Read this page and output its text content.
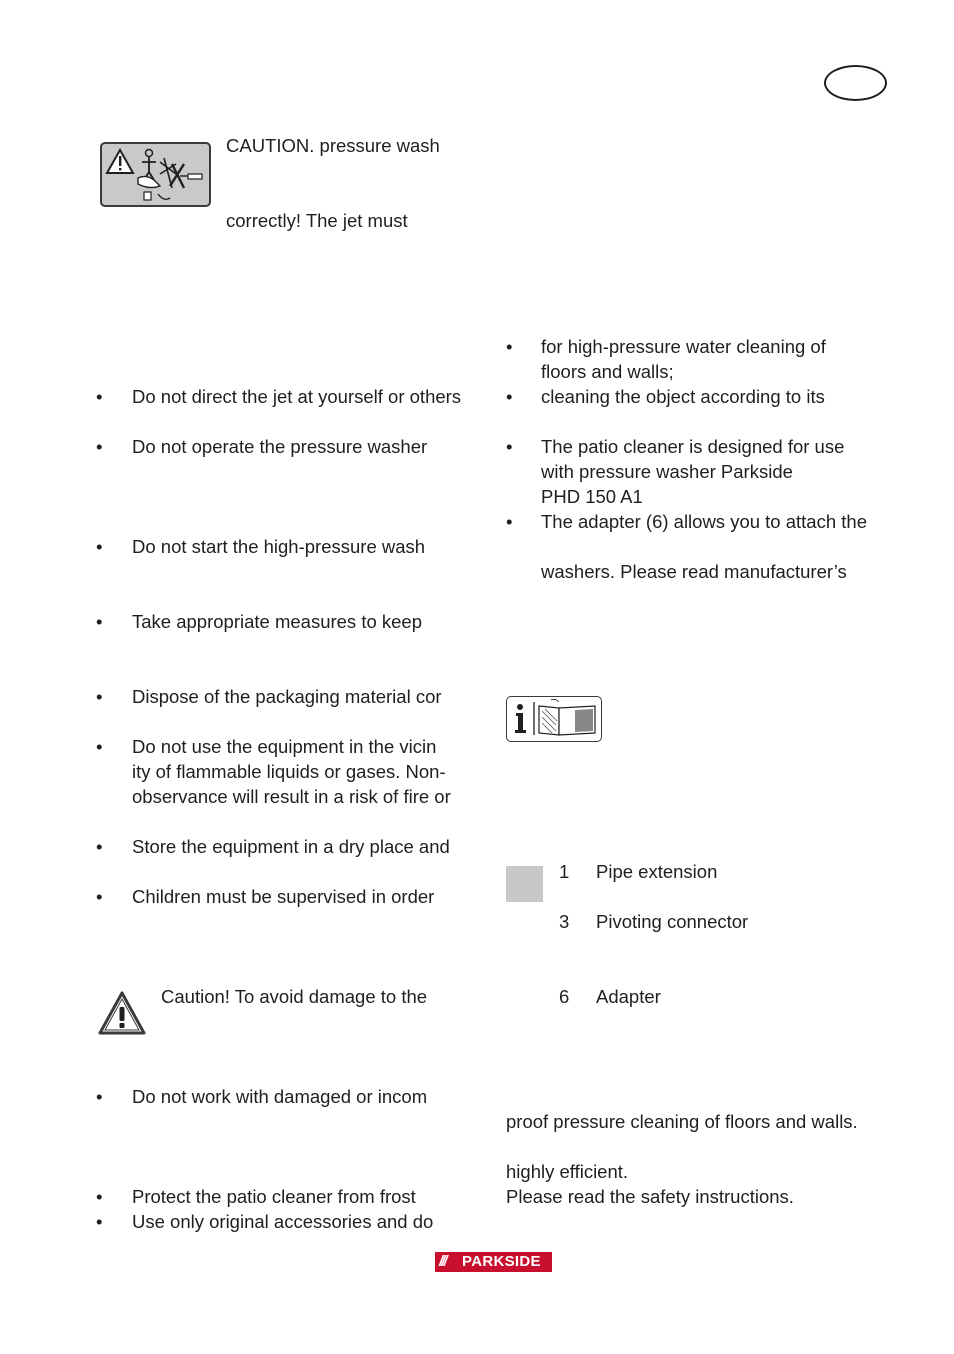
CAUTION. pressure wash
correctly! The jet must
• Do not direct the jet at yourself or others
• Do not operate the pressure washer
• Do not start the high-pressure wash
• Take appropriate measures to keep
• Dispose of the packaging material cor
• Do not use the equipment in the vicin
ity of flammable liquids or gases. Non-
observance will result in a risk of fire or
• Store the equipment in a dry place and
• Children must be supervised in order
Caution! To avoid damage to the
• Do not work with damaged or incom
• Protect the patio cleaner from frost
• Use only original accessories and do
• for high-pressure water cleaning of
floors and walls;
• cleaning the object according to its
• The patio cleaner is designed for use
with pressure washer Parkside
PHD 150 A1
• The adapter (6) allows you to attach the
washers. Please read manufacturer’s
1 Pipe extension
3 Pivoting connector
6 Adapter
proof pressure cleaning of floors and walls.
highly efficient.
Please read the safety instructions.
/// PARKSIDE
